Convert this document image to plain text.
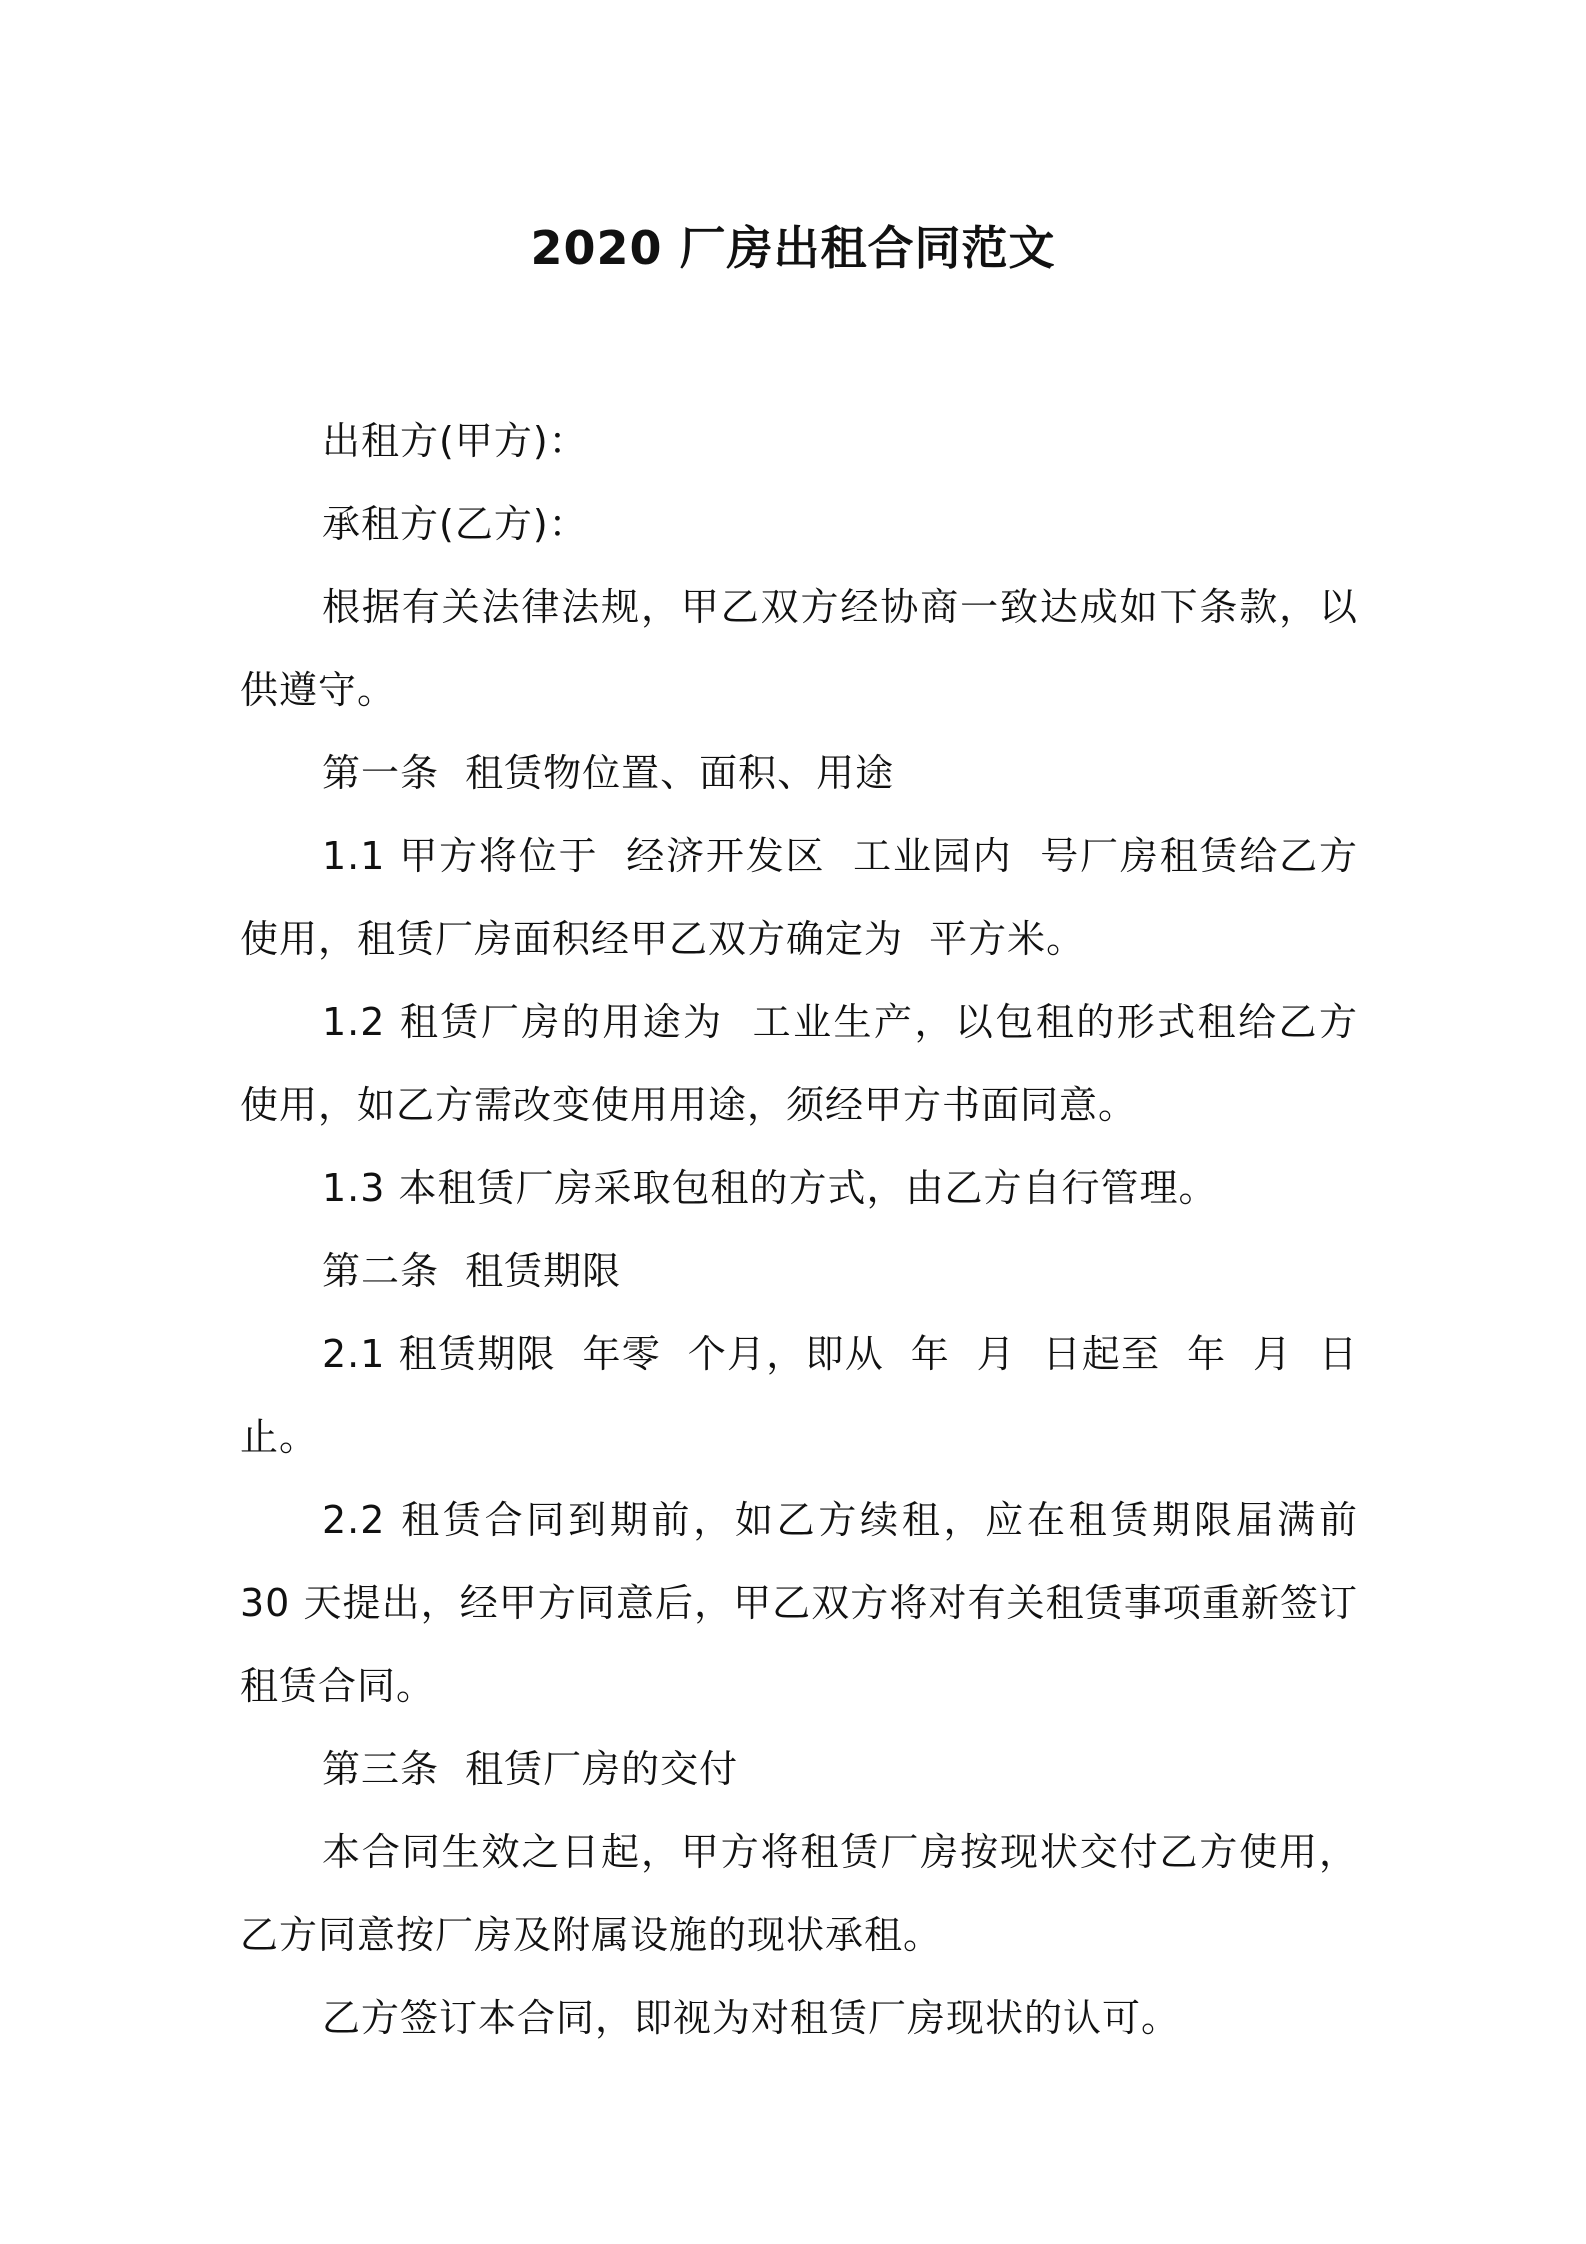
2020 厂房出租合同范文

出租方(甲方)：

承租方(乙方)：

根据有关法律法规，甲乙双方经协商一致达成如下条款，以供遵守。

第一条  租赁物位置、面积、用途

1.1 甲方将位于  经济开发区  工业园内  号厂房租赁给乙方使用，租赁厂房面积经甲乙双方确定为  平方米。

1.2 租赁厂房的用途为  工业生产，以包租的形式租给乙方使用，如乙方需改变使用用途，须经甲方书面同意。

1.3 本租赁厂房采取包租的方式，由乙方自行管理。

第二条  租赁期限

2.1 租赁期限  年零  个月，即从  年  月  日起至  年  月  日止。

2.2 租赁合同到期前，如乙方续租，应在租赁期限届满前 30 天提出，经甲方同意后，甲乙双方将对有关租赁事项重新签订租赁合同。

第三条  租赁厂房的交付

本合同生效之日起，甲方将租赁厂房按现状交付乙方使用，乙方同意按厂房及附属设施的现状承租。

乙方签订本合同，即视为对租赁厂房现状的认可。
